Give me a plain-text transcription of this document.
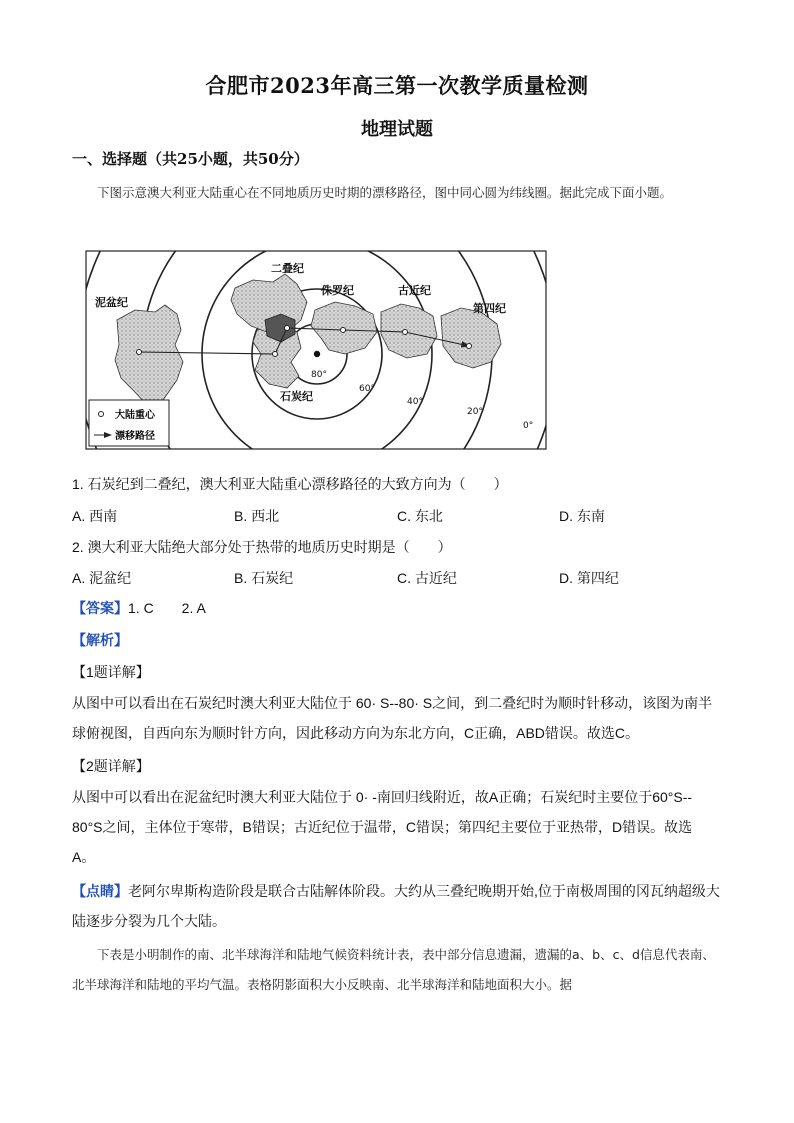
合肥市2023年高三第一次教学质量检测
地理试题
一、选择题（共25小题，共50分）
下图示意澳大利亚大陆重心在不同地质历史时期的漂移路径，图中同心圆为纬线圈。据此完成下面小题。
泥盆纪
二叠纪
侏罗纪	古近纪
第四纪
石炭纪
80°
60°
40°
20°
0°
大陆重心
漂移路径
1. 石炭纪到二叠纪，澳大利亚大陆重心漂移路径的大致方向为（　　）
A. 西南	B. 西北	C. 东北	D. 东南
2. 澳大利亚大陆绝大部分处于热带的地质历史时期是（　　）
A. 泥盆纪	B. 石炭纪	C. 古近纪	D. 第四纪
【答案】1. C　　2. A
【解析】
【1题详解】
从图中可以看出在石炭纪时澳大利亚大陆位于 60· S--80· S之间，到二叠纪时为顺时针移动，该图为南半
球俯视图，自西向东为顺时针方向，因此移动方向为东北方向，C正确，ABD错误。故选C。
【2题详解】
从图中可以看出在泥盆纪时澳大利亚大陆位于 0· -南回归线附近，故A正确；石炭纪时主要位于60°S--
80°S之间，主体位于寒带，B错误；古近纪位于温带，C错误；第四纪主要位于亚热带，D错误。故选
A。
【点睛】老阿尔卑斯构造阶段是联合古陆解体阶段。大约从三叠纪晚期开始,位于南极周围的冈瓦纳超级大
陆逐步分裂为几个大陆。
下表是小明制作的南、北半球海洋和陆地气候资料统计表，表中部分信息遗漏，遗漏的a、b、c、d信息代表南、北半球海洋和陆地的平均气温。表格阴影面积大小反映南、北半球海洋和陆地面积大小。据
